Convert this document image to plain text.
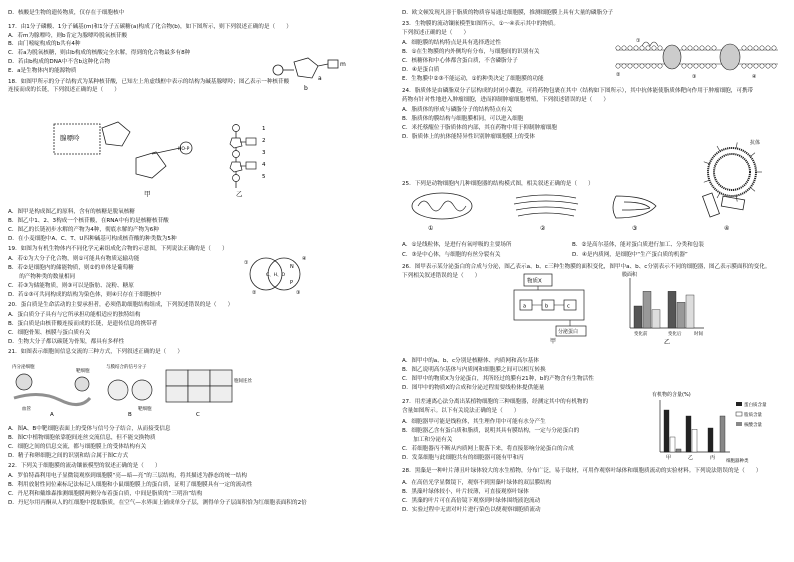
D．核酸是生物的遗传物质，仅存在于细胞核中
17．由1分子磷酸、1分子碱基(m)和1分子五碳糖(a)构成了化合物(b)，如下图所示，则下列叙述正确的是（　　）
A．若m为腺嘌呤，则b肯定为腺嘌呤脱氧核苷酸
B．由门嘧啶构成的b共有4种
C．若a为脱氧核糖，则由b构成的核酸完全水解，得到的化合物最多有8种
D．若由b构成的DNA中不含b这种化合物
E．a是生物体内的能源物质
18．如图甲所示的分子结构式为某种核苷酸，已知左上角虚线框中表示的结构为碱基腺嘌呤；图乙表示一种核苷酸
连接而成的长链，下列叙述正确的是（　　）
A．图甲是构成图乙的原料，含有的核糖是脱氧核糖
B．图乙中1、2、3构成一个核苷酸，在RNA中有的是核糖核苷酸
C．图乙的长链初步水解的产物为4种，彻底水解的产物为6种
D．在小麦细胞中A、C、T、U四种碱基可构成核苷酸的种类数为5种
19．如图为有机生物体内不同化学元素组成化合物的示意图，下列说法正确的是（　　）
A．若①为大分子化合物，则①可能具有物质运输功能
B．若②是细胞内的储能物质，则②的单体是葡萄糖
　　的产物种类的数量相同
C．若③为储能物质，则③可以是脂肪、淀粉、糖原
D．若①③可共同构成的结构为染色体，则④只存在于细胞核中
20．蛋白质是生命活动的主要承担者，必须借助细胞结构组成，下列叙述错误的是（　　）
A．蛋白质分子具有与它所承担功能相适应的独特结构
B．蛋白质是由核苷酸连接而成的长链，是遗传信息的携带者
C．细胞骨架、核膜与蛋白质有关
D．生物大分子都以碳链为骨架，都具有多样性
21．如图表示细胞间信息交流的三种方式，下列叙述正确的是（　　）
A．图A、B中靶细胞表面上的受体与信号分子结合，从而接受信息
B．图C中植物细胞依靠胞间连丝交流信息，但不能交换物质
C．细胞之间的信息交流，都与细胞膜上的受体结构有关
D．精子和卵细胞之间的识别和结合属于图C方式
22．下列关于细胞膜的流动镶嵌模型的叙述正确的是（　　）
A．罗伯特森利用电子显微镜观察到细胞膜“亮—暗—亮”的三层结构，将其描述为静态的统一结构
B．利用放射性同位素标记法标记人细胞和小鼠细胞膜上的蛋白质，证明了细胞膜具有一定的流动性
C．丹尼利和戴维森推测细胞膜两侧分布着蛋白质，中间是脂质的“三明治”结构
D．丹尼尔用丙酮从人的红细胞中提取脂质，在空气—水界面上铺成单分子层，测得单分子层面积恰为红细胞表面积的2倍
D．欧文顿发现凡溶于脂质的物质容易通过细胞膜，推测细胞膜上具有大量的磷脂分子
23．生物膜的流动镶嵌模型如图所示，①～④表示其中的物质。
下列叙述正确的是（　　）
A．细胞膜的结构特点是具有选择透过性
B．①在生物膜的内外侧均有分布，与细胞间的识别有关
C．核糖体和中心体都含蛋白质，不含磷脂分子
D．④是蛋白质
E．生物膜中②③不能运动，①的种类决定了细胞膜的功能
24．脂质体是由磷脂双分子层构成的封闭小囊泡，可将药物包裹在其中（结构如下图所示），其中抗体能使脂质体靶向作用于肿瘤细胞，可携带
药物有针对性地进入肿瘤细胞，进而抑制肿瘤细胞增殖，下列叙述错误的是（　　）
A．脂质体的形成与磷脂分子的结构特点有关
B．脂质体的膜结构与细胞膜相同，可以进入细胞
C．米托蔡醌位于脂质体的内部，其在药物中用于抑制肿瘤细胞
D．脂质体上的抗体能特异性识别肿瘤细胞膜上的受体
25．下列是动物细胞内几种细胞器的结构模式图，相关叙述正确的是（　　）
A．①是线粒体，是进行有氧呼吸的主要场所	B．②是高尔基体，能对蛋白质进行加工、分类和包装
C．③是中心体，与细胞的有丝分裂有关	D．④是内质网，是细胞中“生产蛋白质的机器”
26．图甲表示某分泌蛋白的合成与分泌，图乙表示a、b、c三种生物膜的面积变化，图甲中a、b、c分别表示不同的细胞器，图乙表示膜面积的变化。
下列相关叙述错误的是（　　）
A．图甲中的a、b、c分别是核糖体、内质网和高尔基体
B．图乙说明高尔基体与内质网和细胞膜之间可以相互转换
C．图甲中的物质X为分泌蛋白，其所经过的膜有21种，b的产物含有生物活性
D．图甲中的物质X的合成和分泌过程需要线粒体提供能量
27．用差速离心法分离出某植物细胞的三种细胞器，经测定其中的有机物的
含量如图所示。以下有关说法正确的是（　　）
A．细胞器甲可能是线粒体，其生理作用中可能有水分产生
B．细胞器乙含有蛋白质和脂质，说明其具有膜结构，一定与分泌蛋白的
　　加工和分泌有关
C．若细胞器丙不断从内质网上脱落下来，将直接影响分泌蛋白的合成
D．发菜细胞与此细胞共有的细胞器可能有甲和丙
28．黑藻是一种叶片薄且叶绿体较大的水生植物，分布广泛，易于取材，可用作观察叶绿体和细胞质流动的实验材料。下列说法错误的是（　　）
A．在高倍光学显微镜下，观察不到黑藻叶绿体的双层膜结构
B．黑藻叶绿体较小，叶片较薄，可直接观察叶绿体
C．黑藻的叶片可在高倍镜下观察到叶绿体围绕液泡流动
D．实验过程中无需对叶片进行染色以便观察细胞质流动
m
a
b
腺嘌呤
HO-P
甲
1
2
3
4
5
乙
C、H、O
N
P
①
②	③
④
内分泌细胞
血管
靶细胞
A
与膜结合的信号分子
靶细胞
B
胞间连丝
C
①
②	③	④
抗体
①	②	③	④
物质X
a	b	c
分泌蛋白
甲
膜面积
变化前	变化后	时间
乙
有机物的含量(%)
甲	乙	丙
细胞器种类
蛋白质含量
脂质含量
核酸含量
